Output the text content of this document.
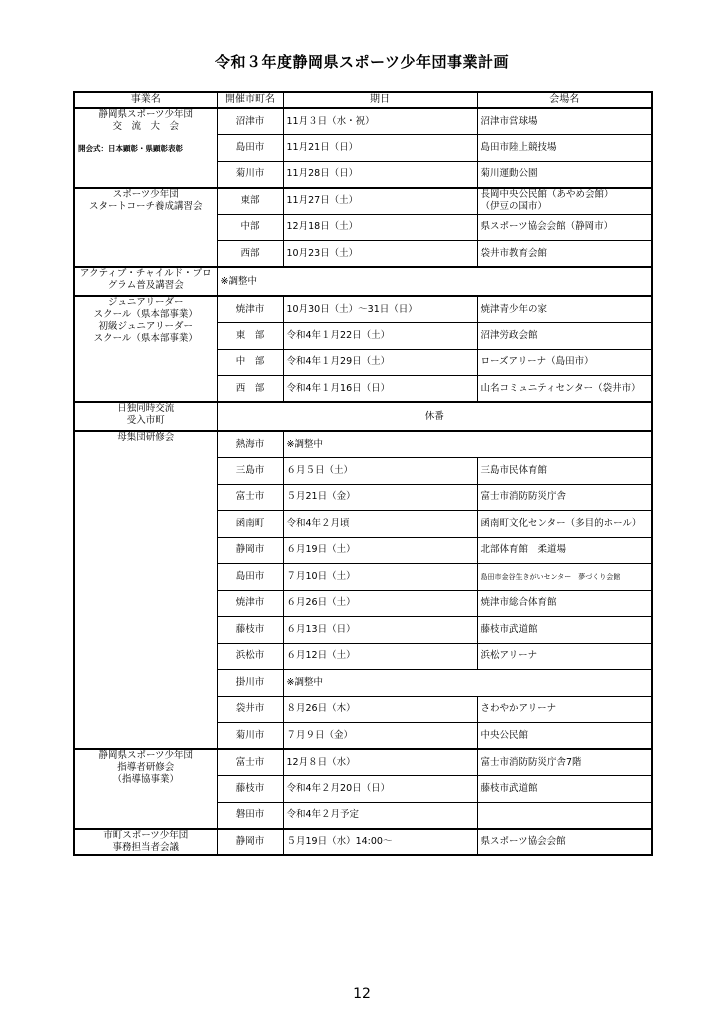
令和３年度静岡県スポーツ少年団事業計画
事業名	開催市町名	期日	会場名

静岡県スポーツ少年団
交　流　大　会
開会式：日本顕彰・県顕彰表彰	沼津市	11月３日（水・祝）	沼津市営球場

	島田市	11月21日（日）	島田市陸上競技場

	菊川市	11月28日（日）	菊川運動公園

スポーツ少年団
スタートコーチ養成講習会	東部	11月27日（土）	長岡中央公民館（あやめ会館）
（伊豆の国市）

	中部	12月18日（土）	県スポーツ協会会館（静岡市）

	西部	10月23日（土）	袋井市教育会館

アクティブ・チャイルド・プロ
グラム普及講習会	※調整中		

ジュニアリーダー
スクール（県本部事業）
初級ジュニアリーダー
スクール（県本部事業）	焼津市	10月30日（土）～31日（日）	焼津青少年の家

	東　部	令和4年１月22日（土）	沼津労政会館

	中　部	令和4年１月29日（土）	ローズアリーナ（島田市）

	西　部	令和4年１月16日（日）	山名コミュニティセンター（袋井市）

日独同時交流
受入市町	休番		

母集団研修会	熱海市	※調整中	
	三島市	６月５日（土）	三島市民体育館

	富士市	５月21日（金）	富士市消防防災庁舎

	函南町	令和4年２月頃	函南町文化センター（多目的ホール）

	静岡市	６月19日（土）	北部体育館　柔道場

	島田市	７月10日（土）	島田市金谷生きがいセンター　夢づくり会館

	焼津市	６月26日（土）	焼津市総合体育館

	藤枝市	６月13日（日）	藤枝市武道館

	浜松市	６月12日（土）	浜松アリーナ

	掛川市	※調整中	
	袋井市	８月26日（木）	さわやかアリーナ

	菊川市	７月９日（金）	中央公民館

静岡県スポーツ少年団
指導者研修会
（指導協事業）	富士市	12月８日（水）	富士市消防防災庁舎7階

	藤枝市	令和4年２月20日（日）	藤枝市武道館

	磐田市	令和4年２月予定	

市町スポーツ少年団
事務担当者会議	静岡市	５月19日（水）14:00～	県スポーツ協会会館
12
